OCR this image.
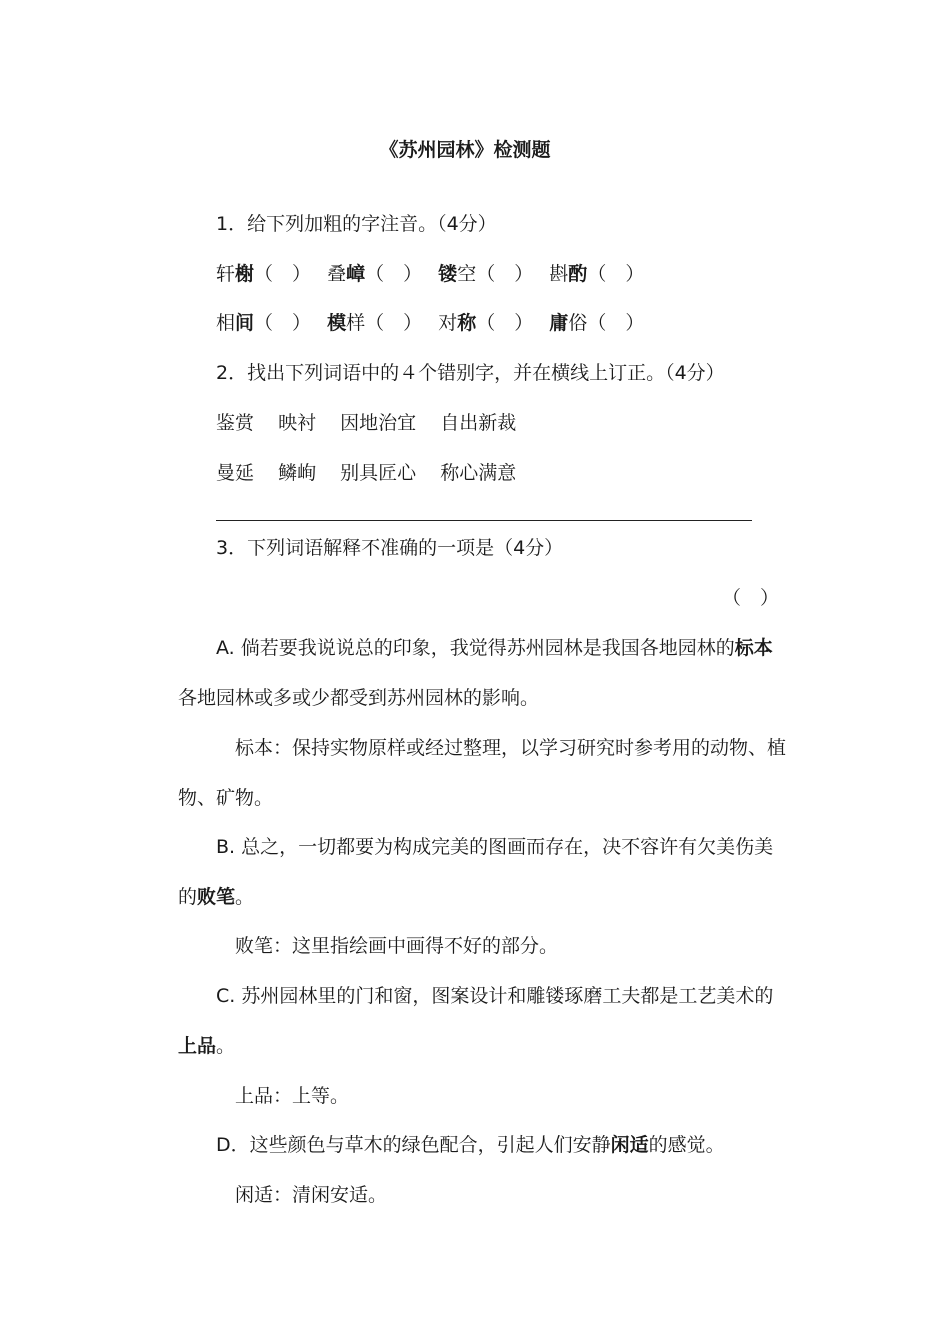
《苏州园林》检测题
1．给下列加粗的字注音。（4分）
轩榭（　） 叠嶂（　） 镂空（　） 斟酌（　）
相间（　） 模样（　） 对称（　） 庸俗（　）
2．找出下列词语中的４个错别字，并在横线上订正。（4分）
鉴赏 映衬 因地治宜 自出新裁
曼延 鳞峋 别具匠心 称心满意
3．下列词语解释不准确的一项是（4分）
（　）
A. 倘若要我说说总的印象，我觉得苏州园林是我国各地园林的标本
各地园林或多或少都受到苏州园林的影响。
标本：保持实物原样或经过整理，以学习研究时参考用的动物、植
物、矿物。
B. 总之，一切都要为构成完美的图画而存在，决不容许有欠美伤美
的败笔。
败笔：这里指绘画中画得不好的部分。
C. 苏州园林里的门和窗，图案设计和雕镂琢磨工夫都是工艺美术的
上品。
上品：上等。
D．这些颜色与草木的绿色配合，引起人们安静闲适的感觉。
闲适：清闲安适。
